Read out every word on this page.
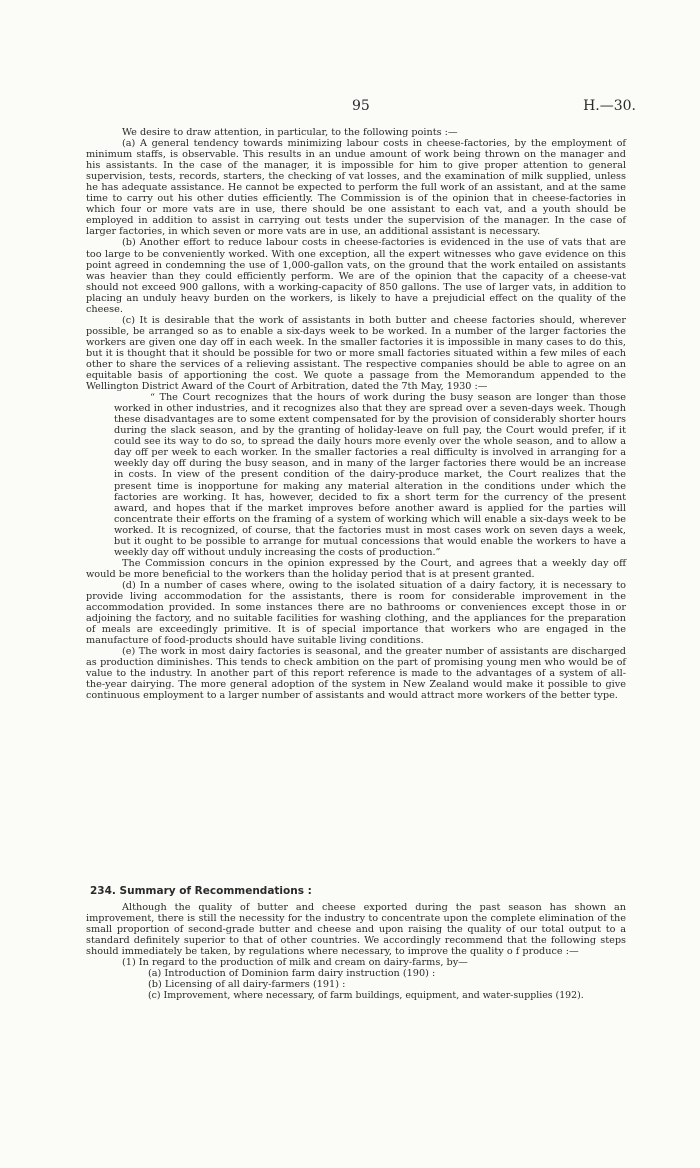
95	H.—30.

We desire to draw attention, in particular, to the following points :—

(a) A general tendency towards minimizing labour costs in cheese-factories, by the employment of minimum staffs, is observable. This results in an undue amount of work being thrown on the manager and his assistants. In the case of the manager, it is impossible for him to give proper attention to general supervision, tests, records, starters, the checking of vat losses, and the examination of milk supplied, unless he has adequate assistance. He cannot be expected to perform the full work of an assistant, and at the same time to carry out his other duties efficiently. The Commission is of the opinion that in cheese-factories in which four or more vats are in use, there should be one assistant to each vat, and a youth should be employed in addition to assist in carrying out tests under the supervision of the manager. In the case of larger factories, in which seven or more vats are in use, an additional assistant is necessary.

(b) Another effort to reduce labour costs in cheese-factories is evidenced in the use of vats that are too large to be conveniently worked. With one exception, all the expert witnesses who gave evidence on this point agreed in condemning the use of 1,000-gallon vats, on the ground that the work entailed on assistants was heavier than they could efficiently perform. We are of the opinion that the capacity of a cheese-vat should not exceed 900 gallons, with a working-capacity of 850 gallons. The use of larger vats, in addition to placing an unduly heavy burden on the workers, is likely to have a prejudicial effect on the quality of the cheese.

(c) It is desirable that the work of assistants in both butter and cheese factories should, wherever possible, be arranged so as to enable a six-days week to be worked. In a number of the larger factories the workers are given one day off in each week. In the smaller factories it is impossible in many cases to do this, but it is thought that it should be possible for two or more small factories situated within a few miles of each other to share the services of a relieving assistant. The respective companies should be able to agree on an equitable basis of apportioning the cost. We quote a passage from the Memorandum appended to the Wellington District Award of the Court of Arbitration, dated the 7th May, 1930 :—

“ The Court recognizes that the hours of work during the busy season are longer than those worked in other industries, and it recognizes also that they are spread over a seven-days week. Though these disadvantages are to some extent compensated for by the provision of considerably shorter hours during the slack season, and by the granting of holiday-leave on full pay, the Court would prefer, if it could see its way to do so, to spread the daily hours more evenly over the whole season, and to allow a day off per week to each worker. In the smaller factories a real difficulty is involved in arranging for a weekly day off during the busy season, and in many of the larger factories there would be an increase in costs. In view of the present condition of the dairy-produce market, the Court realizes that the present time is inopportune for making any material alteration in the conditions under which the factories are working. It has, however, decided to fix a short term for the currency of the present award, and hopes that if the market improves before another award is applied for the parties will concentrate their efforts on the framing of a system of working which will enable a six-days week to be worked. It is recognized, of course, that the factories must in most cases work on seven days a week, but it ought to be possible to arrange for mutual concessions that would enable the workers to have a weekly day off without unduly increasing the costs of production.”

The Commission concurs in the opinion expressed by the Court, and agrees that a weekly day off would be more beneficial to the workers than the holiday period that is at present granted.

(d) In a number of cases where, owing to the isolated situation of a dairy factory, it is necessary to provide living accommodation for the assistants, there is room for considerable improvement in the accommodation provided. In some instances there are no bathrooms or conveniences except those in or adjoining the factory, and no suitable facilities for washing clothing, and the appliances for the preparation of meals are exceedingly primitive. It is of special importance that workers who are engaged in the manufacture of food-products should have suitable living conditions.

(e) The work in most dairy factories is seasonal, and the greater number of assistants are discharged as production diminishes. This tends to check ambition on the part of promising young men who would be of value to the industry. In another part of this report reference is made to the advantages of a system of all-the-year dairying. The more general adoption of the system in New Zealand would make it possible to give continuous employment to a larger number of assistants and would attract more workers of the better type.

234. Summary of Recommendations :

Although the quality of butter and cheese exported during the past season has shown an improvement, there is still the necessity for the industry to concentrate upon the complete elimination of the small proportion of second-grade butter and cheese and upon raising the quality of our total output to a standard definitely superior to that of other countries. We accordingly recommend that the following steps should immediately be taken, by regulations where necessary, to improve the quality o f produce :—

(1) In regard to the production of milk and cream on dairy-farms, by—

(a) Introduction of Dominion farm dairy instruction (190) :

(b) Licensing of all dairy-farmers (191) :

(c) Improvement, where necessary, of farm buildings, equipment, and water-supplies (192).
